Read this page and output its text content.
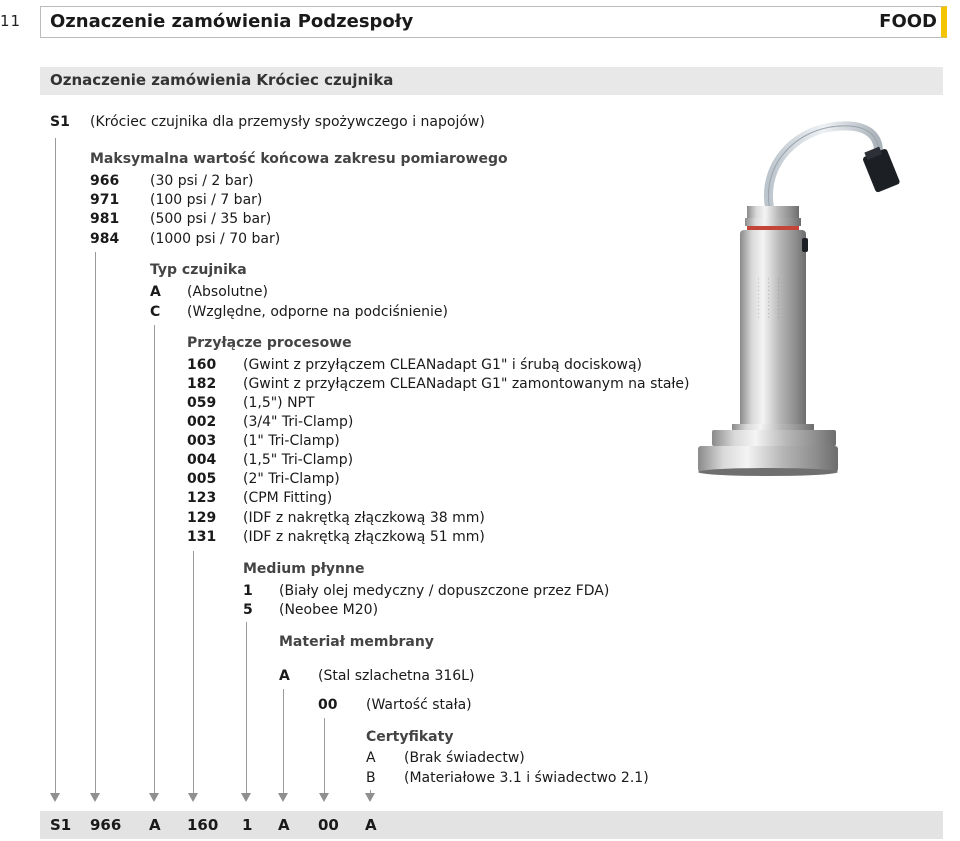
11 Oznaczenie zamówienia Podzespoły	FOOD
Oznaczenie zamówienia Króciec czujnika
S1 (Króciec czujnika dla przemysły spożywczego i napojów)
Maksymalna wartość końcowa zakresu pomiarowego
966 (30 psi / 2 bar)
971 (100 psi / 7 bar)
981 (500 psi / 35 bar)
984 (1000 psi / 70 bar)
Typ czujnika
A (Absolutne)
C (Względne, odporne na podciśnienie)
Przyłącze procesowe
160 (Gwint z przyłączem CLEANadapt G1" i śrubą dociskową)
182 (Gwint z przyłączem CLEANadapt G1" zamontowanym na stałe)
059 (1,5") NPT
002 (3/4" Tri-Clamp)
003 (1" Tri-Clamp)
004 (1,5" Tri-Clamp)
005 (2" Tri-Clamp)
123 (CPM Fitting)
129 (IDF z nakrętką złączkową 38 mm)
131 (IDF z nakrętką złączkową 51 mm)
Medium płynne
1 (Biały olej medyczny / dopuszczone przez FDA)
5 (Neobee M20)
Materiał membrany
A (Stal szlachetna 316L)
00 (Wartość stała)
Certyfikaty
A (Brak świadectw)
B (Materiałowe 3.1 i świadectwo 2.1)
S1 966 A 160 1 A 00 A
· · · · · · · · · · ·
· · · · · · · · · · ·
· · · · · · · · · · ·
